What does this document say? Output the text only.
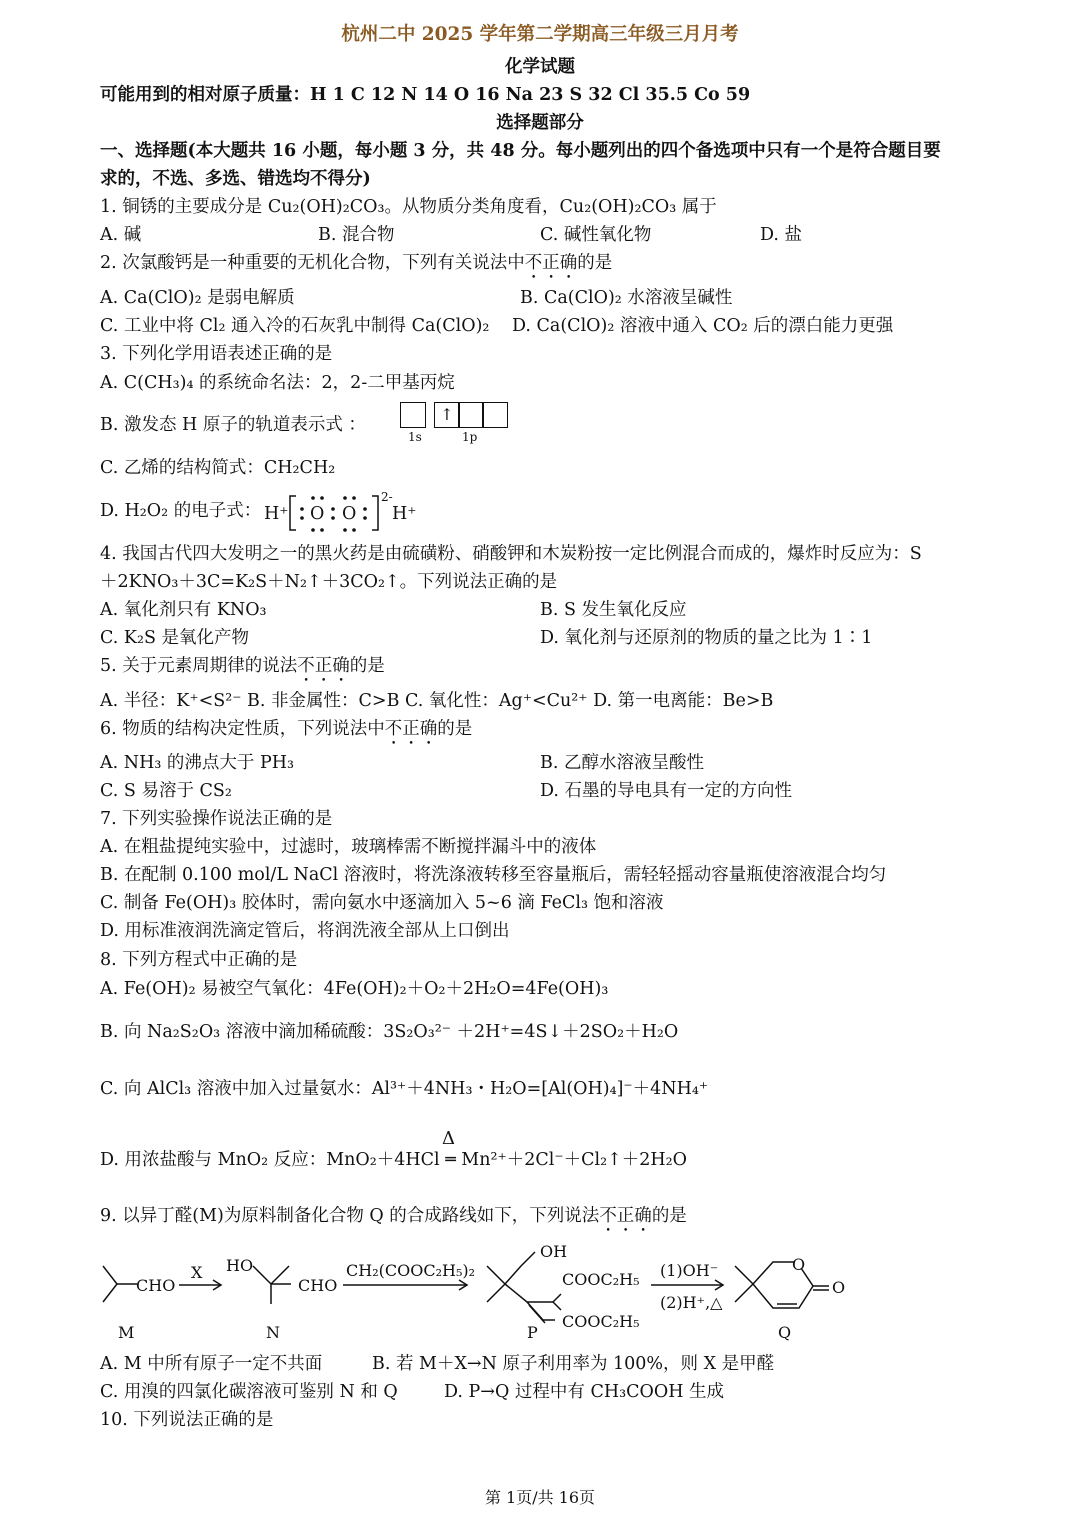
杭州二中 2025 学年第二学期高三年级三月月考
化学试题
可能用到的相对原子质量：H 1 C 12 N 14 O 16 Na 23 S 32 Cl 35.5 Co 59
选择题部分
一、选择题(本大题共 16 小题，每小题 3 分，共 48 分。每小题列出的四个备选项中只有一个是符合题目要
求的，不选、多选、错选均不得分)
1. 铜锈的主要成分是 Cu₂(OH)₂CO₃。从物质分类角度看，Cu₂(OH)₂CO₃ 属于
A. 碱	B. 混合物	C. 碱性氧化物	D. 盐
2. 次氯酸钙是一种重要的无机化合物，下列有关说法中不正确的是
A. Ca(ClO)₂ 是弱电解质	B. Ca(ClO)₂ 水溶液呈碱性
C. 工业中将 Cl₂ 通入冷的石灰乳中制得 Ca(ClO)₂ D. Ca(ClO)₂ 溶液中通入 CO₂ 后的漂白能力更强
3. 下列化学用语表述正确的是
A. C(CH₃)₄ 的系统命名法：2，2-二甲基丙烷
B. 激发态 H 原子的轨道表示式 ：
↑
1s	1p
C. 乙烯的结构简式：CH₂CH₂
D. H₂O₂ 的电子式： H⁺ O O
2-
H⁺
4. 我国古代四大发明之一的黑火药是由硫磺粉、硝酸钾和木炭粉按一定比例混合而成的，爆炸时反应为：S
＋2KNO₃＋3C=K₂S＋N₂↑＋3CO₂↑。下列说法正确的是
A. 氧化剂只有 KNO₃	B. S 发生氧化反应
C. K₂S 是氧化产物	D. 氧化剂与还原剂的物质的量之比为 1∶1
5. 关于元素周期律的说法不正确的是
A. 半径：K⁺<S²⁻ B. 非金属性：C>B C. 氧化性：Ag⁺<Cu²⁺ D. 第一电离能：Be>B
6. 物质的结构决定性质，下列说法中不正确的是
A. NH₃ 的沸点大于 PH₃	B. 乙醇水溶液呈酸性
C. S 易溶于 CS₂	D. 石墨的导电具有一定的方向性
7. 下列实验操作说法正确的是
A. 在粗盐提纯实验中，过滤时，玻璃棒需不断搅拌漏斗中的液体
B. 在配制 0.100 mol/L NaCl 溶液时，将洗涤液转移至容量瓶后，需轻轻摇动容量瓶使溶液混合均匀
C. 制备 Fe(OH)₃ 胶体时，需向氨水中逐滴加入 5~6 滴 FeCl₃ 饱和溶液
D. 用标准液润洗滴定管后，将润洗液全部从上口倒出
8. 下列方程式中正确的是
A. Fe(OH)₂ 易被空气氧化：4Fe(OH)₂＋O₂＋2H₂O=4Fe(OH)₃
B. 向 Na₂S₂O₃ 溶液中滴加稀硫酸：3S₂O₃²⁻ ＋2H⁺=4S↓＋2SO₂＋H₂O
C. 向 AlCl₃ 溶液中加入过量氨水：Al³⁺＋4NH₃・H₂O=[Al(OH)₄]⁻＋4NH₄⁺
Δ
D. 用浓盐酸与 MnO₂ 反应：MnO₂＋4HCl ═ Mn²⁺＋2Cl⁻＋Cl₂↑＋2H₂O
9. 以异丁醛(M)为原料制备化合物 Q 的合成路线如下，下列说法不正确的是
CHO
M
X HO
CHO
N
CH₂(COOC₂H₅)₂
OH
COOC₂H₅
COOC₂H₅
P
(1)OH⁻
(2)H⁺,△
O
O
Q
A. M 中所有原子一定不共面	B. 若 M＋X→N 原子利用率为 100%，则 X 是甲醛
C. 用溴的四氯化碳溶液可鉴别 N 和 Q	D. P→Q 过程中有 CH₃COOH 生成
10. 下列说法正确的是
第 1页/共 16页
